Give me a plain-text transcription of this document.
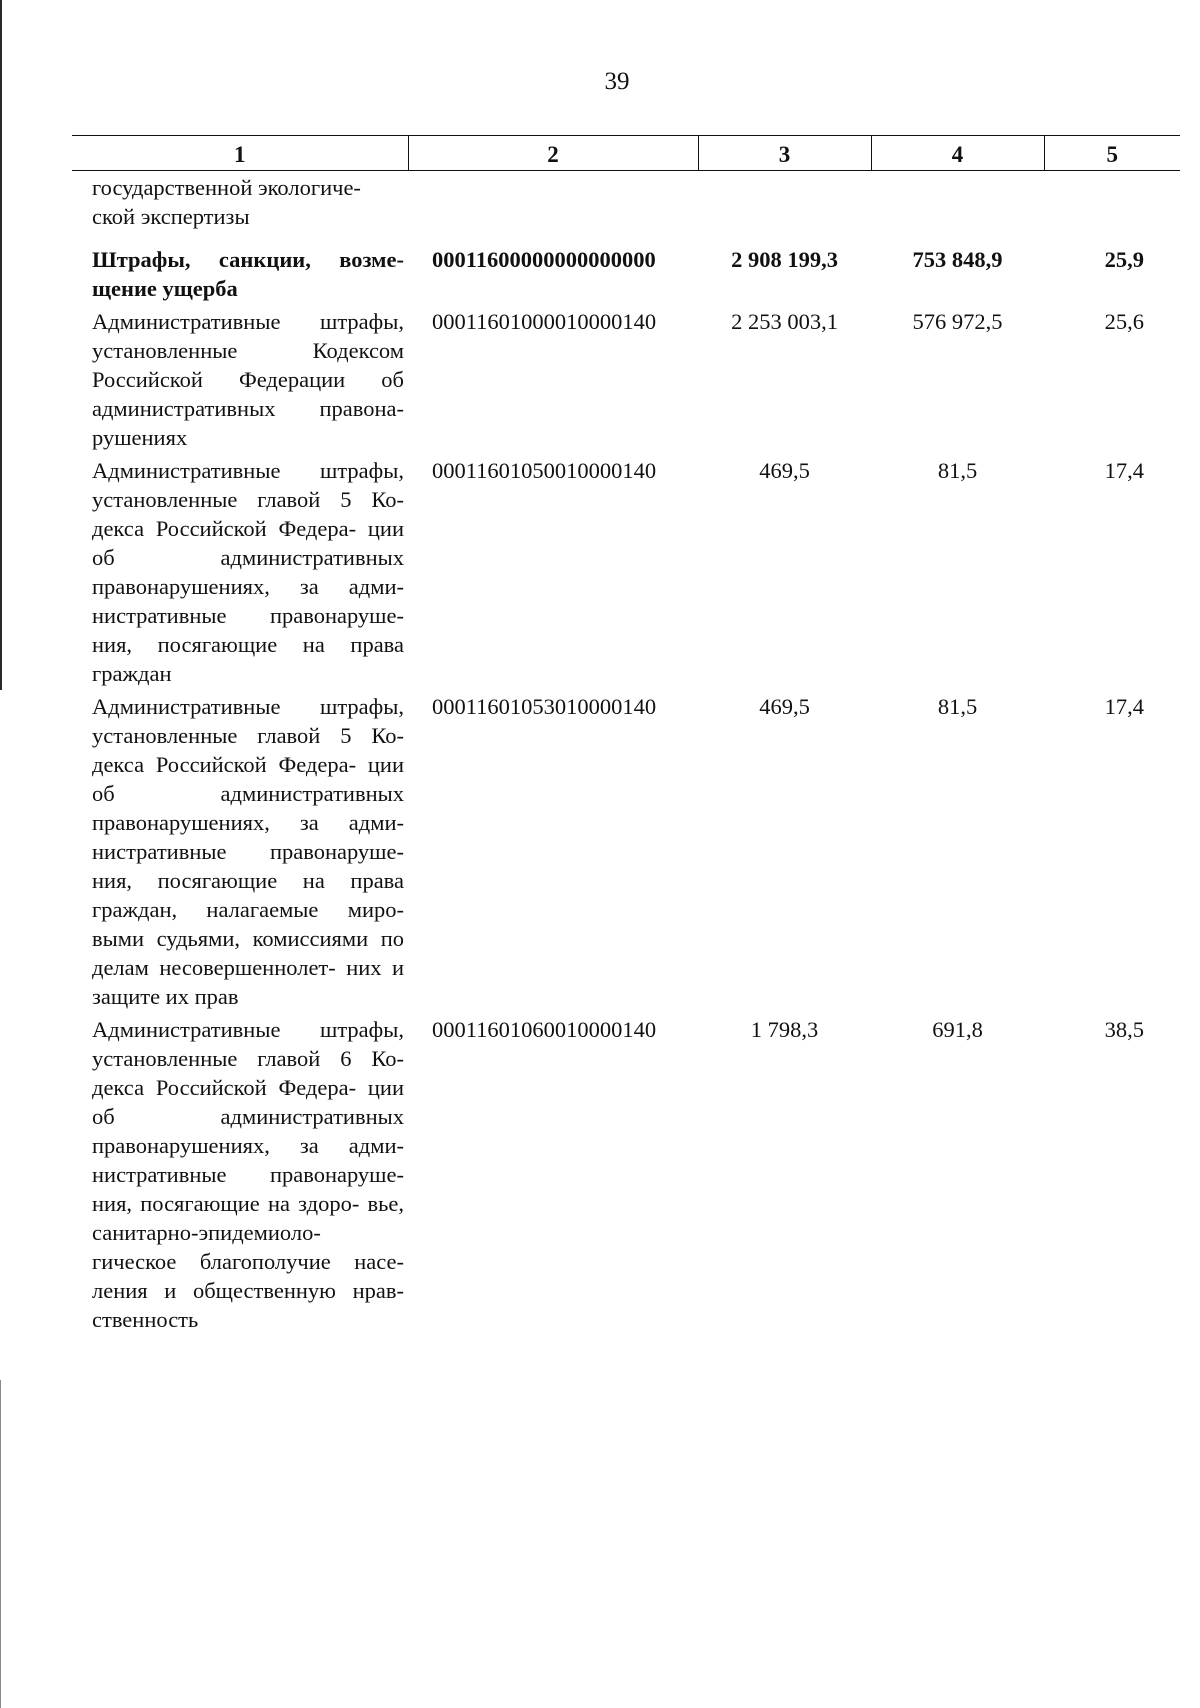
39
1	2	3	4	5
государственной экологиче-
ской экспертизы				
Штрафы, санкции, возме- щение ущерба	00011600000000000000	2 908 199,3	753 848,9	25,9
Административные штрафы, установленные Кодексом Российской Федерации об административных правона- рушениях	00011601000010000140	2 253 003,1	576 972,5	25,6
Административные штрафы, установленные главой 5 Ко- декса Российской Федера- ции об административных правонарушениях, за адми- нистративные правонаруше- ния, посягающие на права граждан	00011601050010000140	469,5	81,5	17,4
Административные штрафы, установленные главой 5 Ко- декса Российской Федера- ции об административных правонарушениях, за адми- нистративные правонаруше- ния, посягающие на права граждан, налагаемые миро- выми судьями, комиссиями по делам несовершеннолет- них и защите их прав	00011601053010000140	469,5	81,5	17,4
Административные штрафы, установленные главой 6 Ко- декса Российской Федера- ции об административных правонарушениях, за адми- нистративные правонаруше- ния, посягающие на здоро- вье, санитарно-эпидемиоло- гическое благополучие насе- ления и общественную нрав- ственность	00011601060010000140	1 798,3	691,8	38,5
